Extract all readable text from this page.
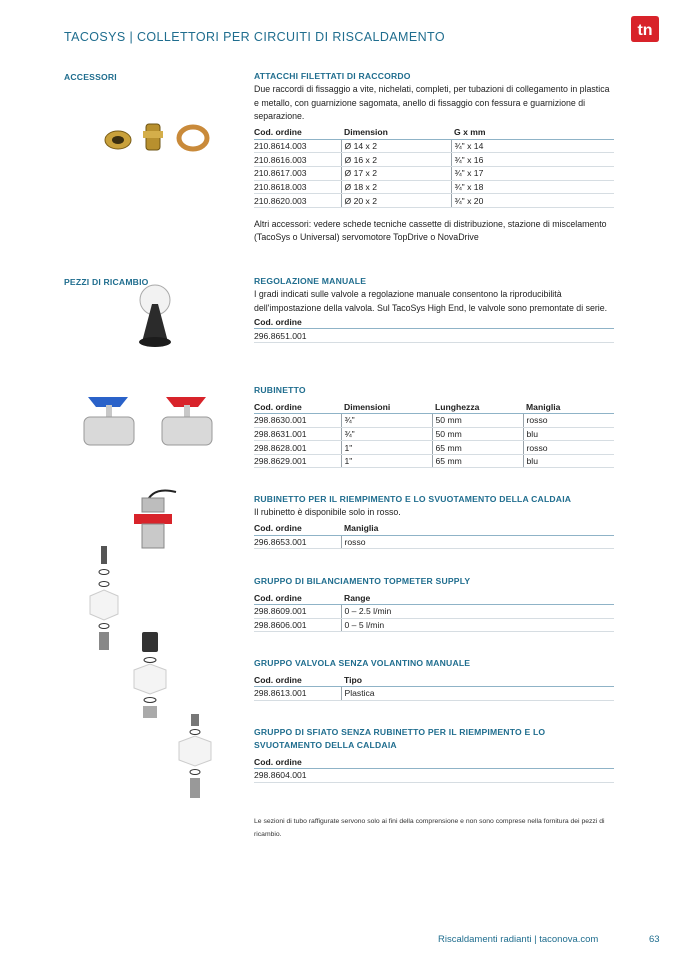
TACOSYS | COLLETTORI PER CIRCUITI DI RISCALDAMENTO	tn
ACCESSORI
PEZZI DI RICAMBIO
ATTACCHI FILETTATI DI RACCORDO
Due raccordi di fissaggio a vite, nichelati, completi, per tubazioni di collegamento in plastica e metallo, con guarnizione sagomata, anello di fissaggio con fessura e guarnizione di separazione.
Cod. ordine	Dimension	G x mm
210.8614.003	Ø 14 x 2	¾" x 14
210.8616.003	Ø 16 x 2	¾" x 16
210.8617.003	Ø 17 x 2	¾" x 17
210.8618.003	Ø 18 x 2	¾" x 18
210.8620.003	Ø 20 x 2	¾" x 20
Altri accessori: vedere schede tecniche cassette di distribuzione, stazione di miscelamento (TacoSys o Universal) servomotore TopDrive o NovaDrive
REGOLAZIONE MANUALE
I gradi indicati sulle valvole a regolazione manuale consentono la riproducibilità dell'impostazione della valvola. Sul TacoSys High End, le valvole sono premontate di serie.
Cod. ordine
296.8651.001
RUBINETTO
Cod. ordine	Dimensioni	Lunghezza	Maniglia
298.8630.001	¾"	50 mm	rosso
298.8631.001	¾"	50 mm	blu
298.8628.001	1"	65 mm	rosso
298.8629.001	1"	65 mm	blu
RUBINETTO PER IL RIEMPIMENTO E LO SVUOTAMENTO DELLA CALDAIA
Il rubinetto è disponibile solo in rosso.
Cod. ordine	Maniglia
296.8653.001	rosso
GRUPPO DI BILANCIAMENTO TOPMETER SUPPLY
Cod. ordine	Range
298.8609.001	0 – 2.5 l/min
298.8606.001	0 – 5 l/min
GRUPPO VALVOLA SENZA VOLANTINO MANUALE
Cod. ordine	Tipo
298.8613.001	Plastica
GRUPPO DI SFIATO SENZA RUBINETTO PER IL RIEMPIMENTO E LO SVUOTAMENTO DELLA CALDAIA
Cod. ordine
298.8604.001
Le sezioni di tubo raffigurate servono solo ai fini della comprensione e non sono comprese nella fornitura dei pezzi di ricambio.
Riscaldamenti radianti | taconova.com	63
